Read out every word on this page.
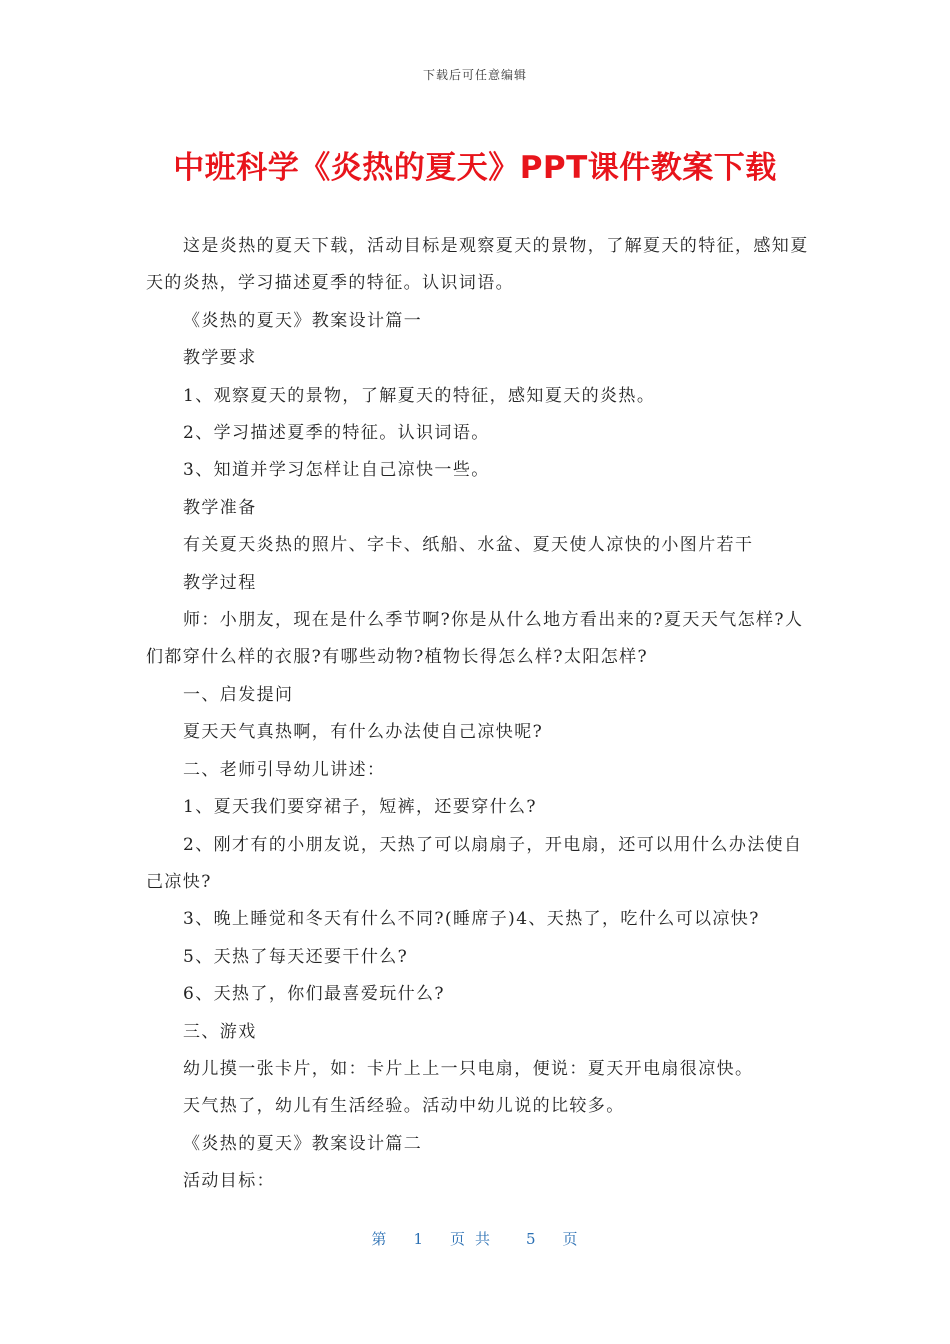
下载后可任意编辑
中班科学《炎热的夏天》PPT课件教案下载

这是炎热的夏天下载，活动目标是观察夏天的景物，了解夏天的特征，感知夏天的炎热，学习描述夏季的特征。认识词语。

《炎热的夏天》教案设计篇一

教学要求

1、观察夏天的景物，了解夏天的特征，感知夏天的炎热。

2、学习描述夏季的特征。认识词语。

3、知道并学习怎样让自己凉快一些。

教学准备

有关夏天炎热的照片、字卡、纸船、水盆、夏天使人凉快的小图片若干

教学过程

师：小朋友，现在是什么季节啊?你是从什么地方看出来的?夏天天气怎样?人们都穿什么样的衣服?有哪些动物?植物长得怎么样?太阳怎样?

一、启发提问

夏天天气真热啊，有什么办法使自己凉快呢?

二、老师引导幼儿讲述：

1、夏天我们要穿裙子，短裤，还要穿什么?

2、刚才有的小朋友说，天热了可以扇扇子，开电扇，还可以用什么办法使自己凉快?

3、晚上睡觉和冬天有什么不同?(睡席子)4、天热了，吃什么可以凉快?

5、天热了每天还要干什么?

6、天热了，你们最喜爱玩什么?

三、游戏

幼儿摸一张卡片，如：卡片上上一只电扇，便说：夏天开电扇很凉快。

天气热了，幼儿有生活经验。活动中幼儿说的比较多。

《炎热的夏天》教案设计篇二

活动目标：

第 1 页共 5 页
